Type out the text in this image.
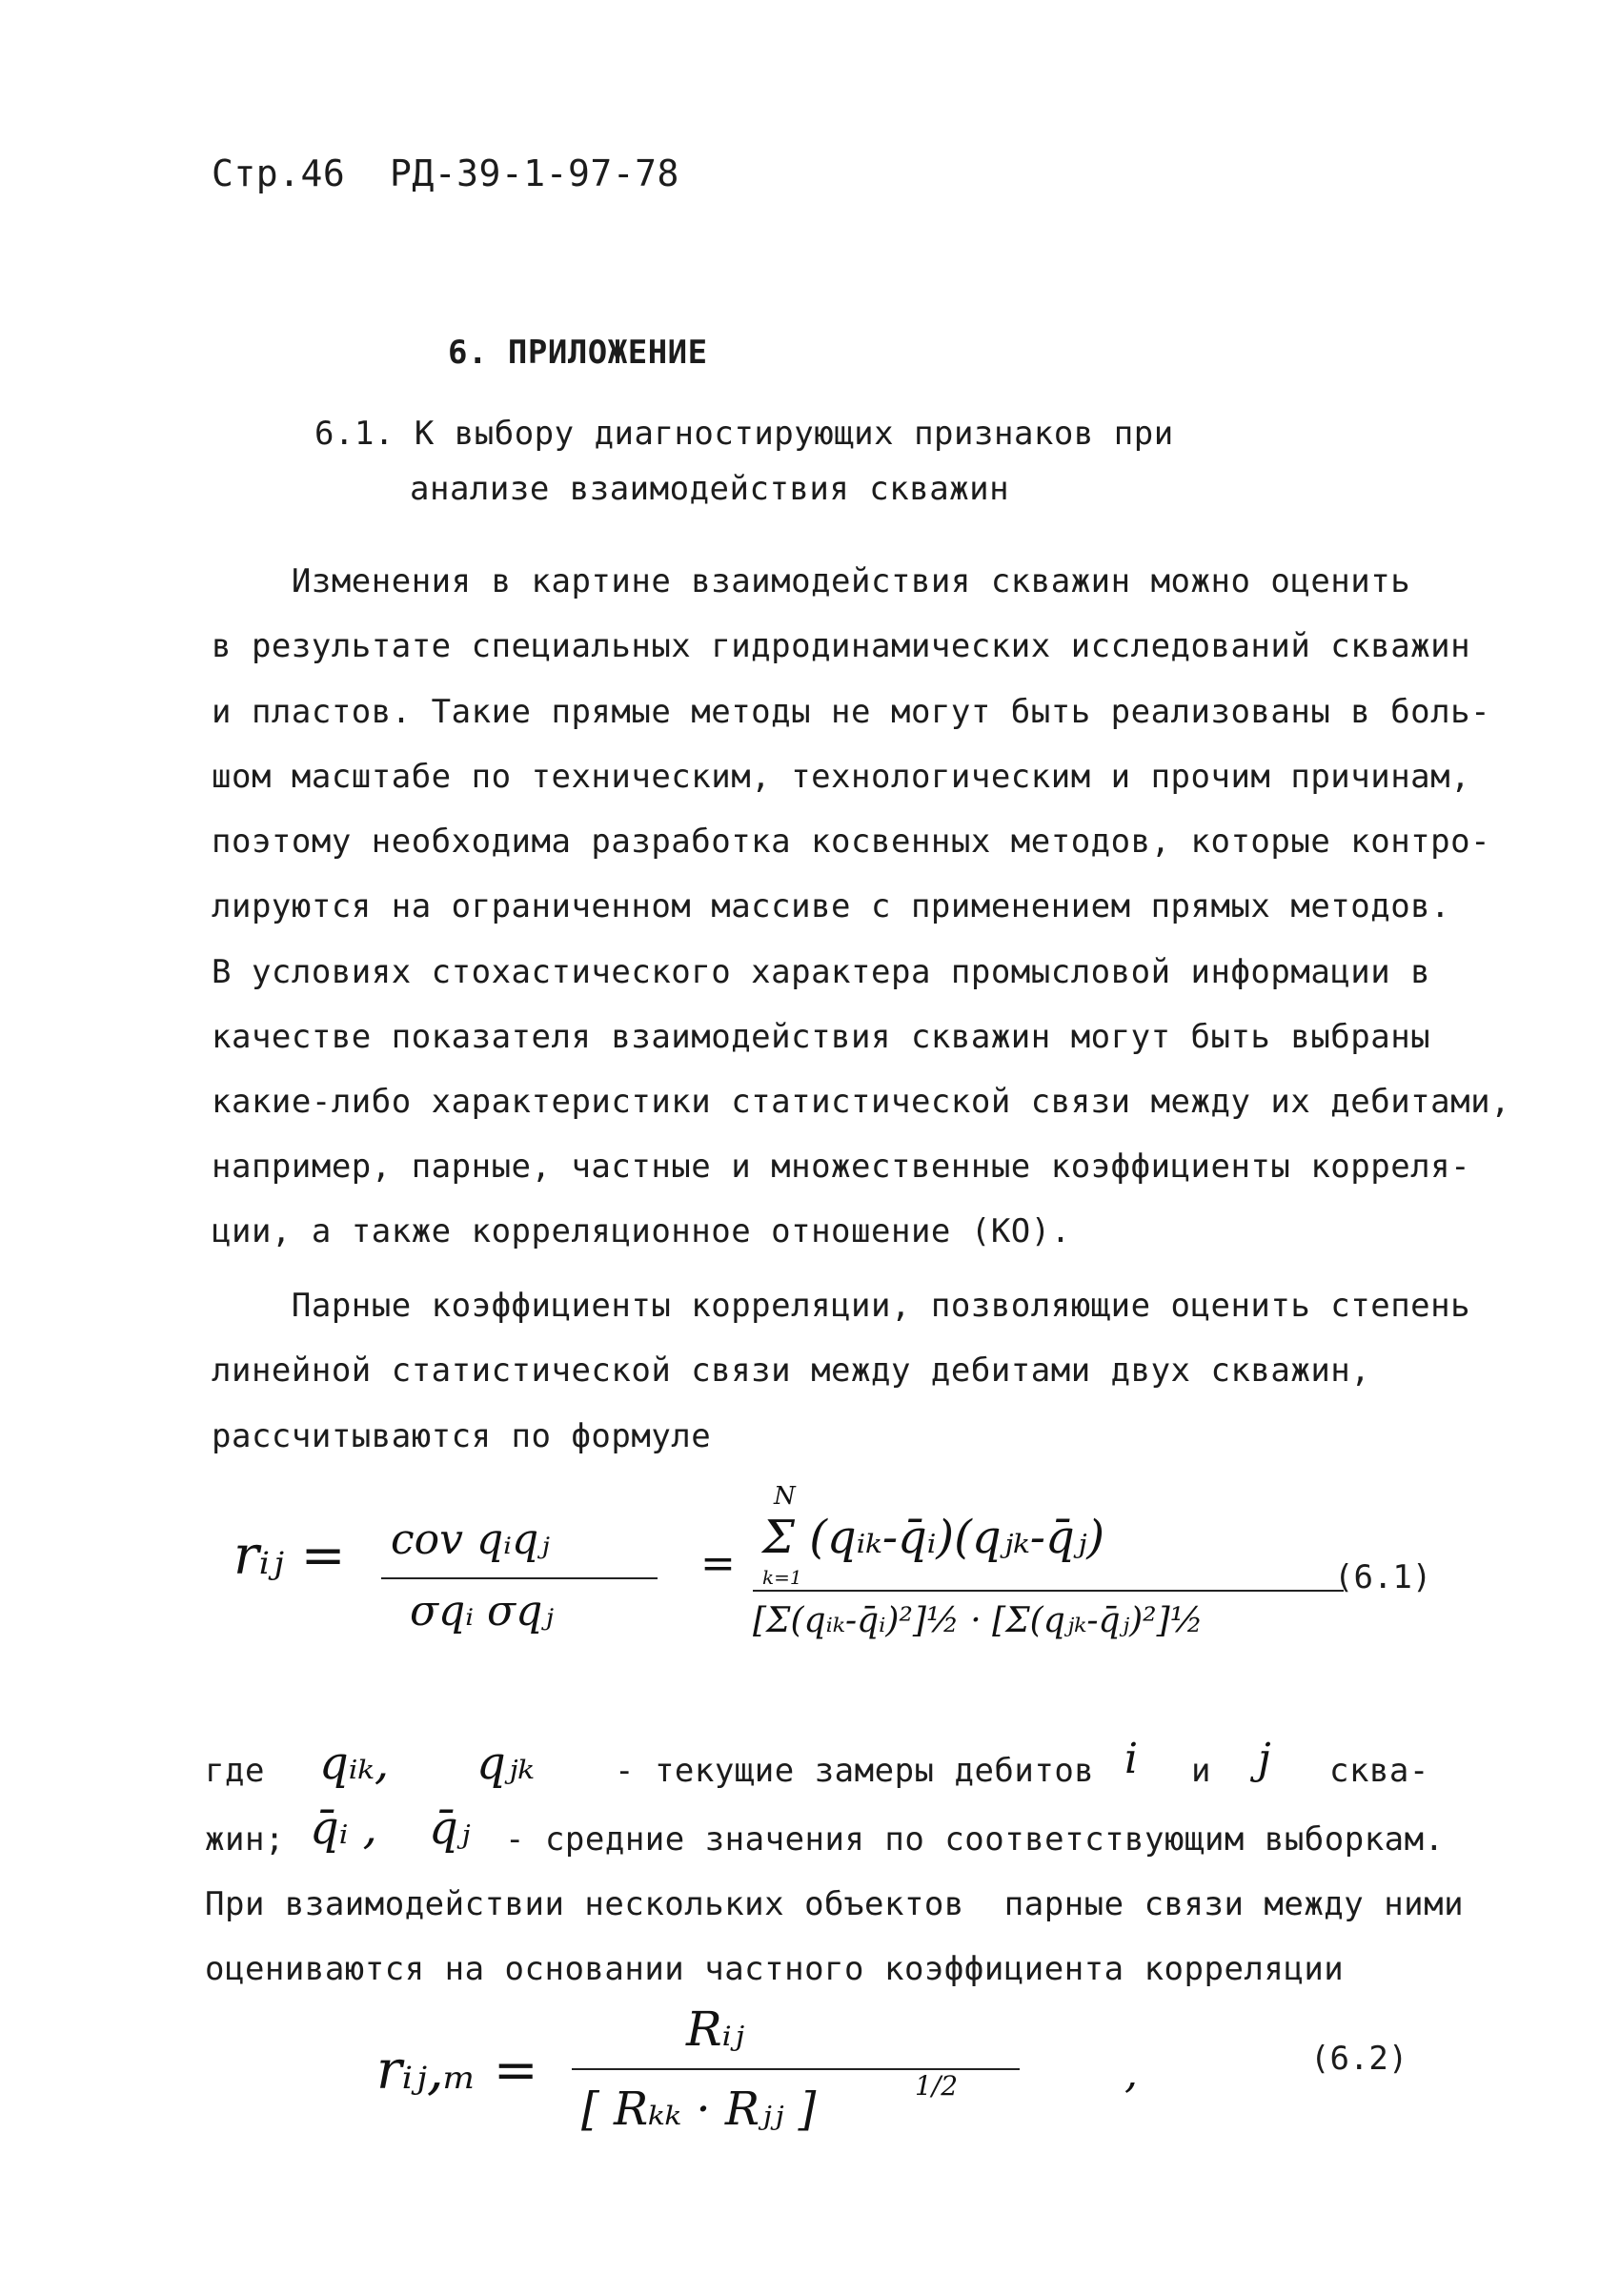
Стр.46  РД-39-1-97-78
6. ПРИЛОЖЕНИЕ
6.1. К выбору диагностирующих признаков при
анализе взаимодействия скважин
Изменения в картине взаимодействия скважин можно оценить
в результате специальных гидродинамических исследований скважин
и пластов. Такие прямые методы не могут быть реализованы в боль-
шом масштабе по техническим, технологическим и прочим причинам,
поэтому необходима разработка косвенных методов, которые контро-
лируются на ограниченном массиве с применением прямых методов.
В условиях стохастического характера промысловой информации в
качестве показателя взаимодействия скважин могут быть выбраны
какие-либо характеристики статистической связи между их дебитами,
например, парные, частные и множественные коэффициенты корреля-
ции, а также корреляционное отношение (КО).
Парные коэффициенты корреляции, позволяющие оценить степень
линейной статистической связи между дебитами двух скважин,
рассчитываются по формуле
rᵢⱼ = cov qᵢqⱼ
σqᵢ σqⱼ
=
N
Σ (qᵢₖ-q̄ᵢ)(qⱼₖ-q̄ⱼ)
k=1
[Σ(qᵢₖ-q̄ᵢ)²]½ · [Σ(qⱼₖ-q̄ⱼ)²]½
(6.1)
где qᵢₖ, qⱼₖ - текущие замеры дебитов i и j сква-
жин; q̄ᵢ , q̄ⱼ - средние значения по соответствующим выборкам.
При взаимодействии нескольких объектов  парные связи между ними
оцениваются на основании частного коэффициента корреляции
rᵢⱼ,ₘ =
Rᵢⱼ
[ Rₖₖ · Rⱼⱼ ]	1/2	,	(6.2)
